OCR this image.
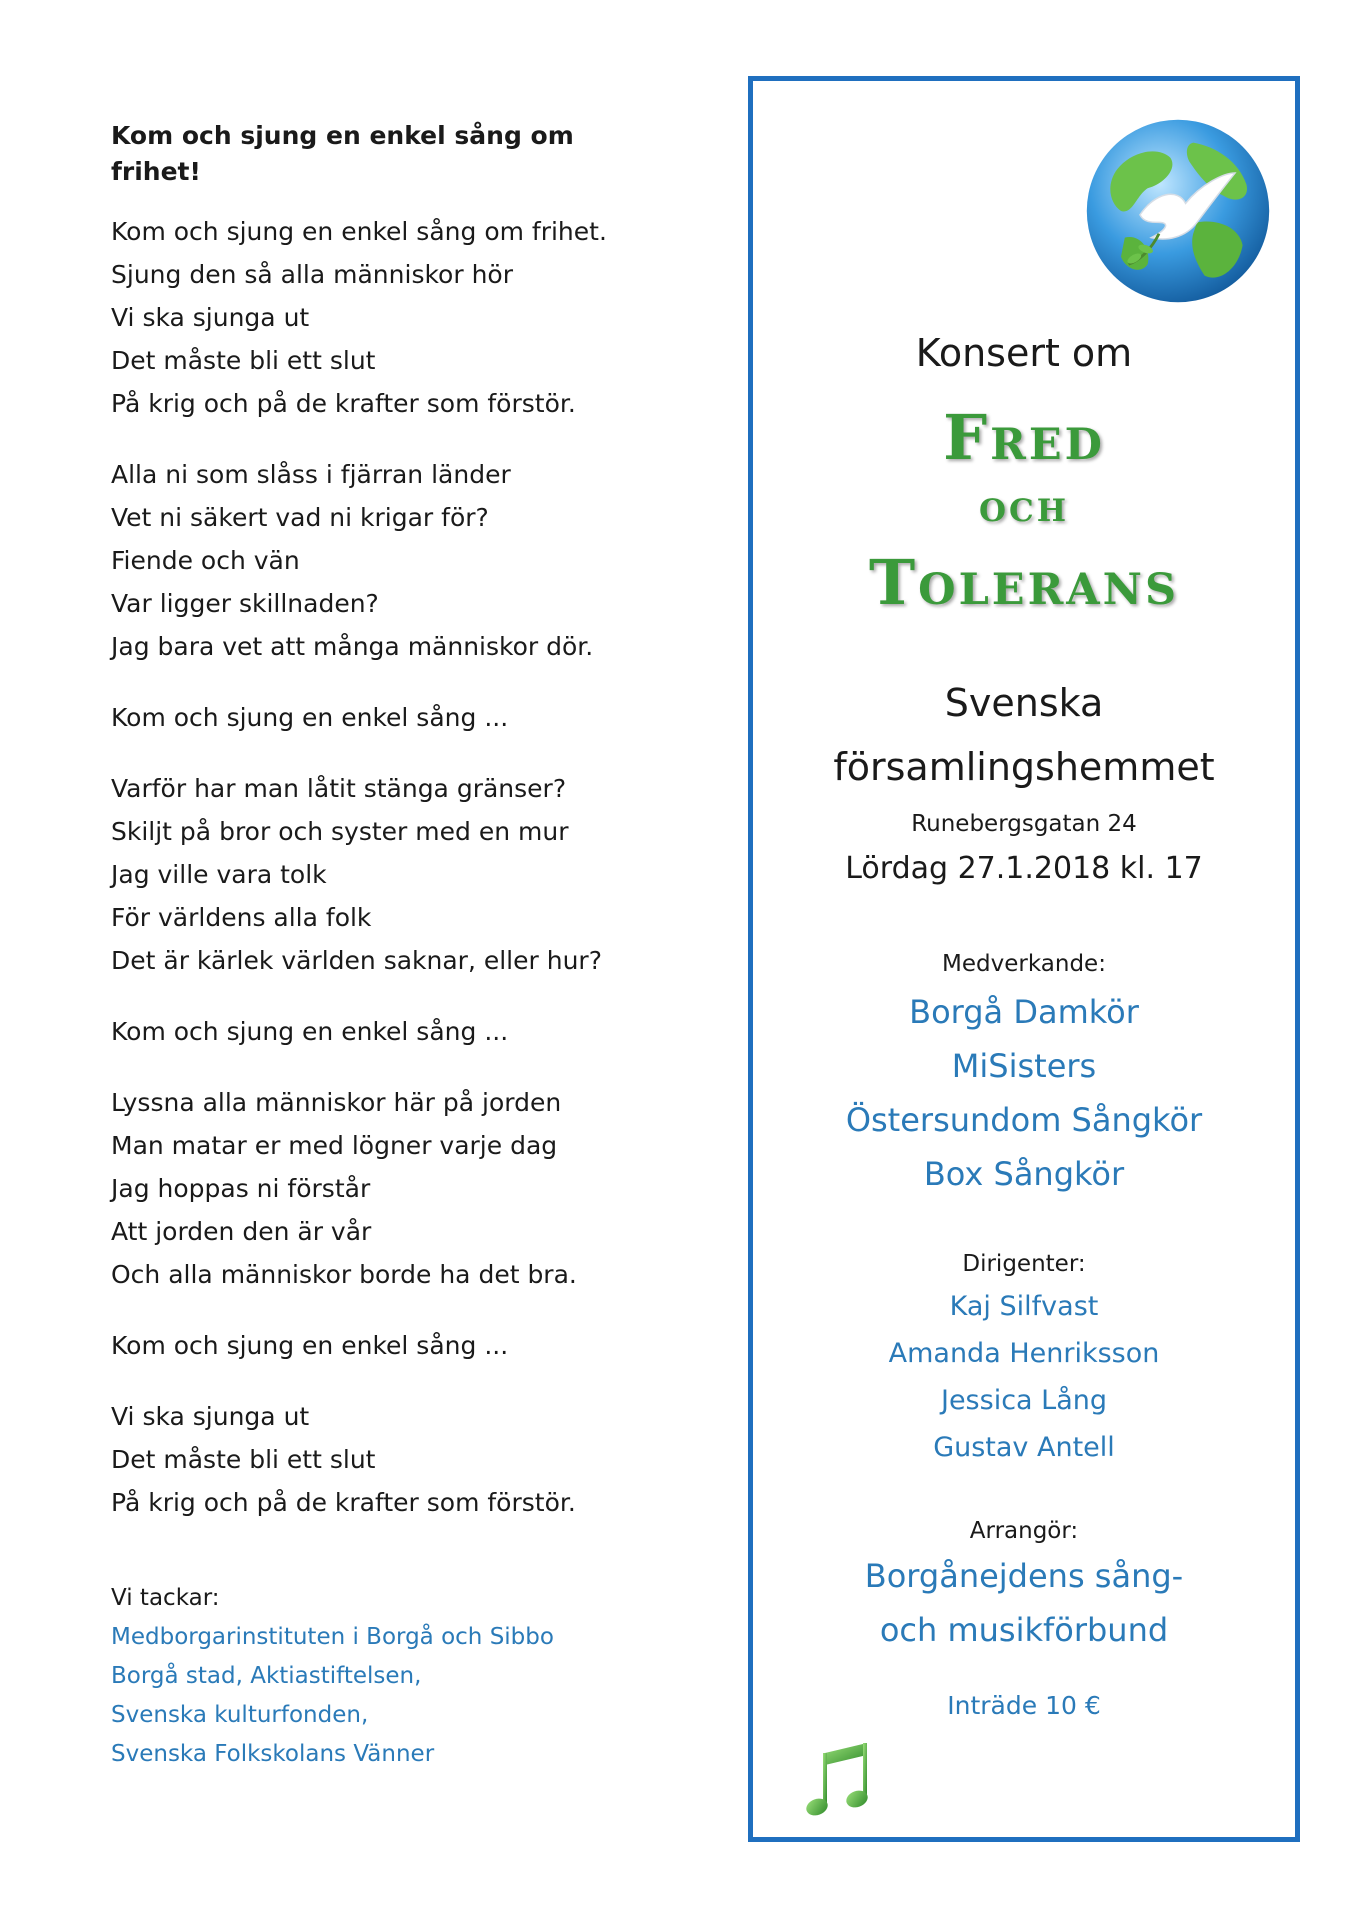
Kom och sjung en enkel sång om frihet!
Kom och sjung en enkel sång om frihet.
Sjung den så alla människor hör
Vi ska sjunga ut
Det måste bli ett slut
På krig och på de krafter som förstör.
Alla ni som slåss i fjärran länder
Vet ni säkert vad ni krigar för?
Fiende och vän
Var ligger skillnaden?
Jag bara vet att många människor dör.
Kom och sjung en enkel sång ...
Varför har man låtit stänga gränser?
Skiljt på bror och syster med en mur
Jag ville vara tolk
För världens alla folk
Det är kärlek världen saknar, eller hur?
Kom och sjung en enkel sång ...
Lyssna alla människor här på jorden
Man matar er med lögner varje dag
Jag hoppas ni förstår
Att jorden den är vår
Och alla människor borde ha det bra.
Kom och sjung en enkel sång ...
Vi ska sjunga ut
Det måste bli ett slut
På krig och på de krafter som förstör.
Vi tackar:
Medborgarinstituten i Borgå och Sibbo
Borgå stad, Aktiastiftelsen,
Svenska kulturfonden,
Svenska Folkskolans Vänner
Konsert om
Fred
och
Tolerans
Svenska
församlingshemmet
Runebergsgatan 24
Lördag 27.1.2018 kl. 17
Medverkande:
Borgå Damkör
MiSisters
Östersundom Sångkör
Box Sångkör
Dirigenter:
Kaj Silfvast
Amanda Henriksson
Jessica Lång
Gustav Antell
Arrangör:
Borgånejdens sång-
och musikförbund
Inträde 10 €
